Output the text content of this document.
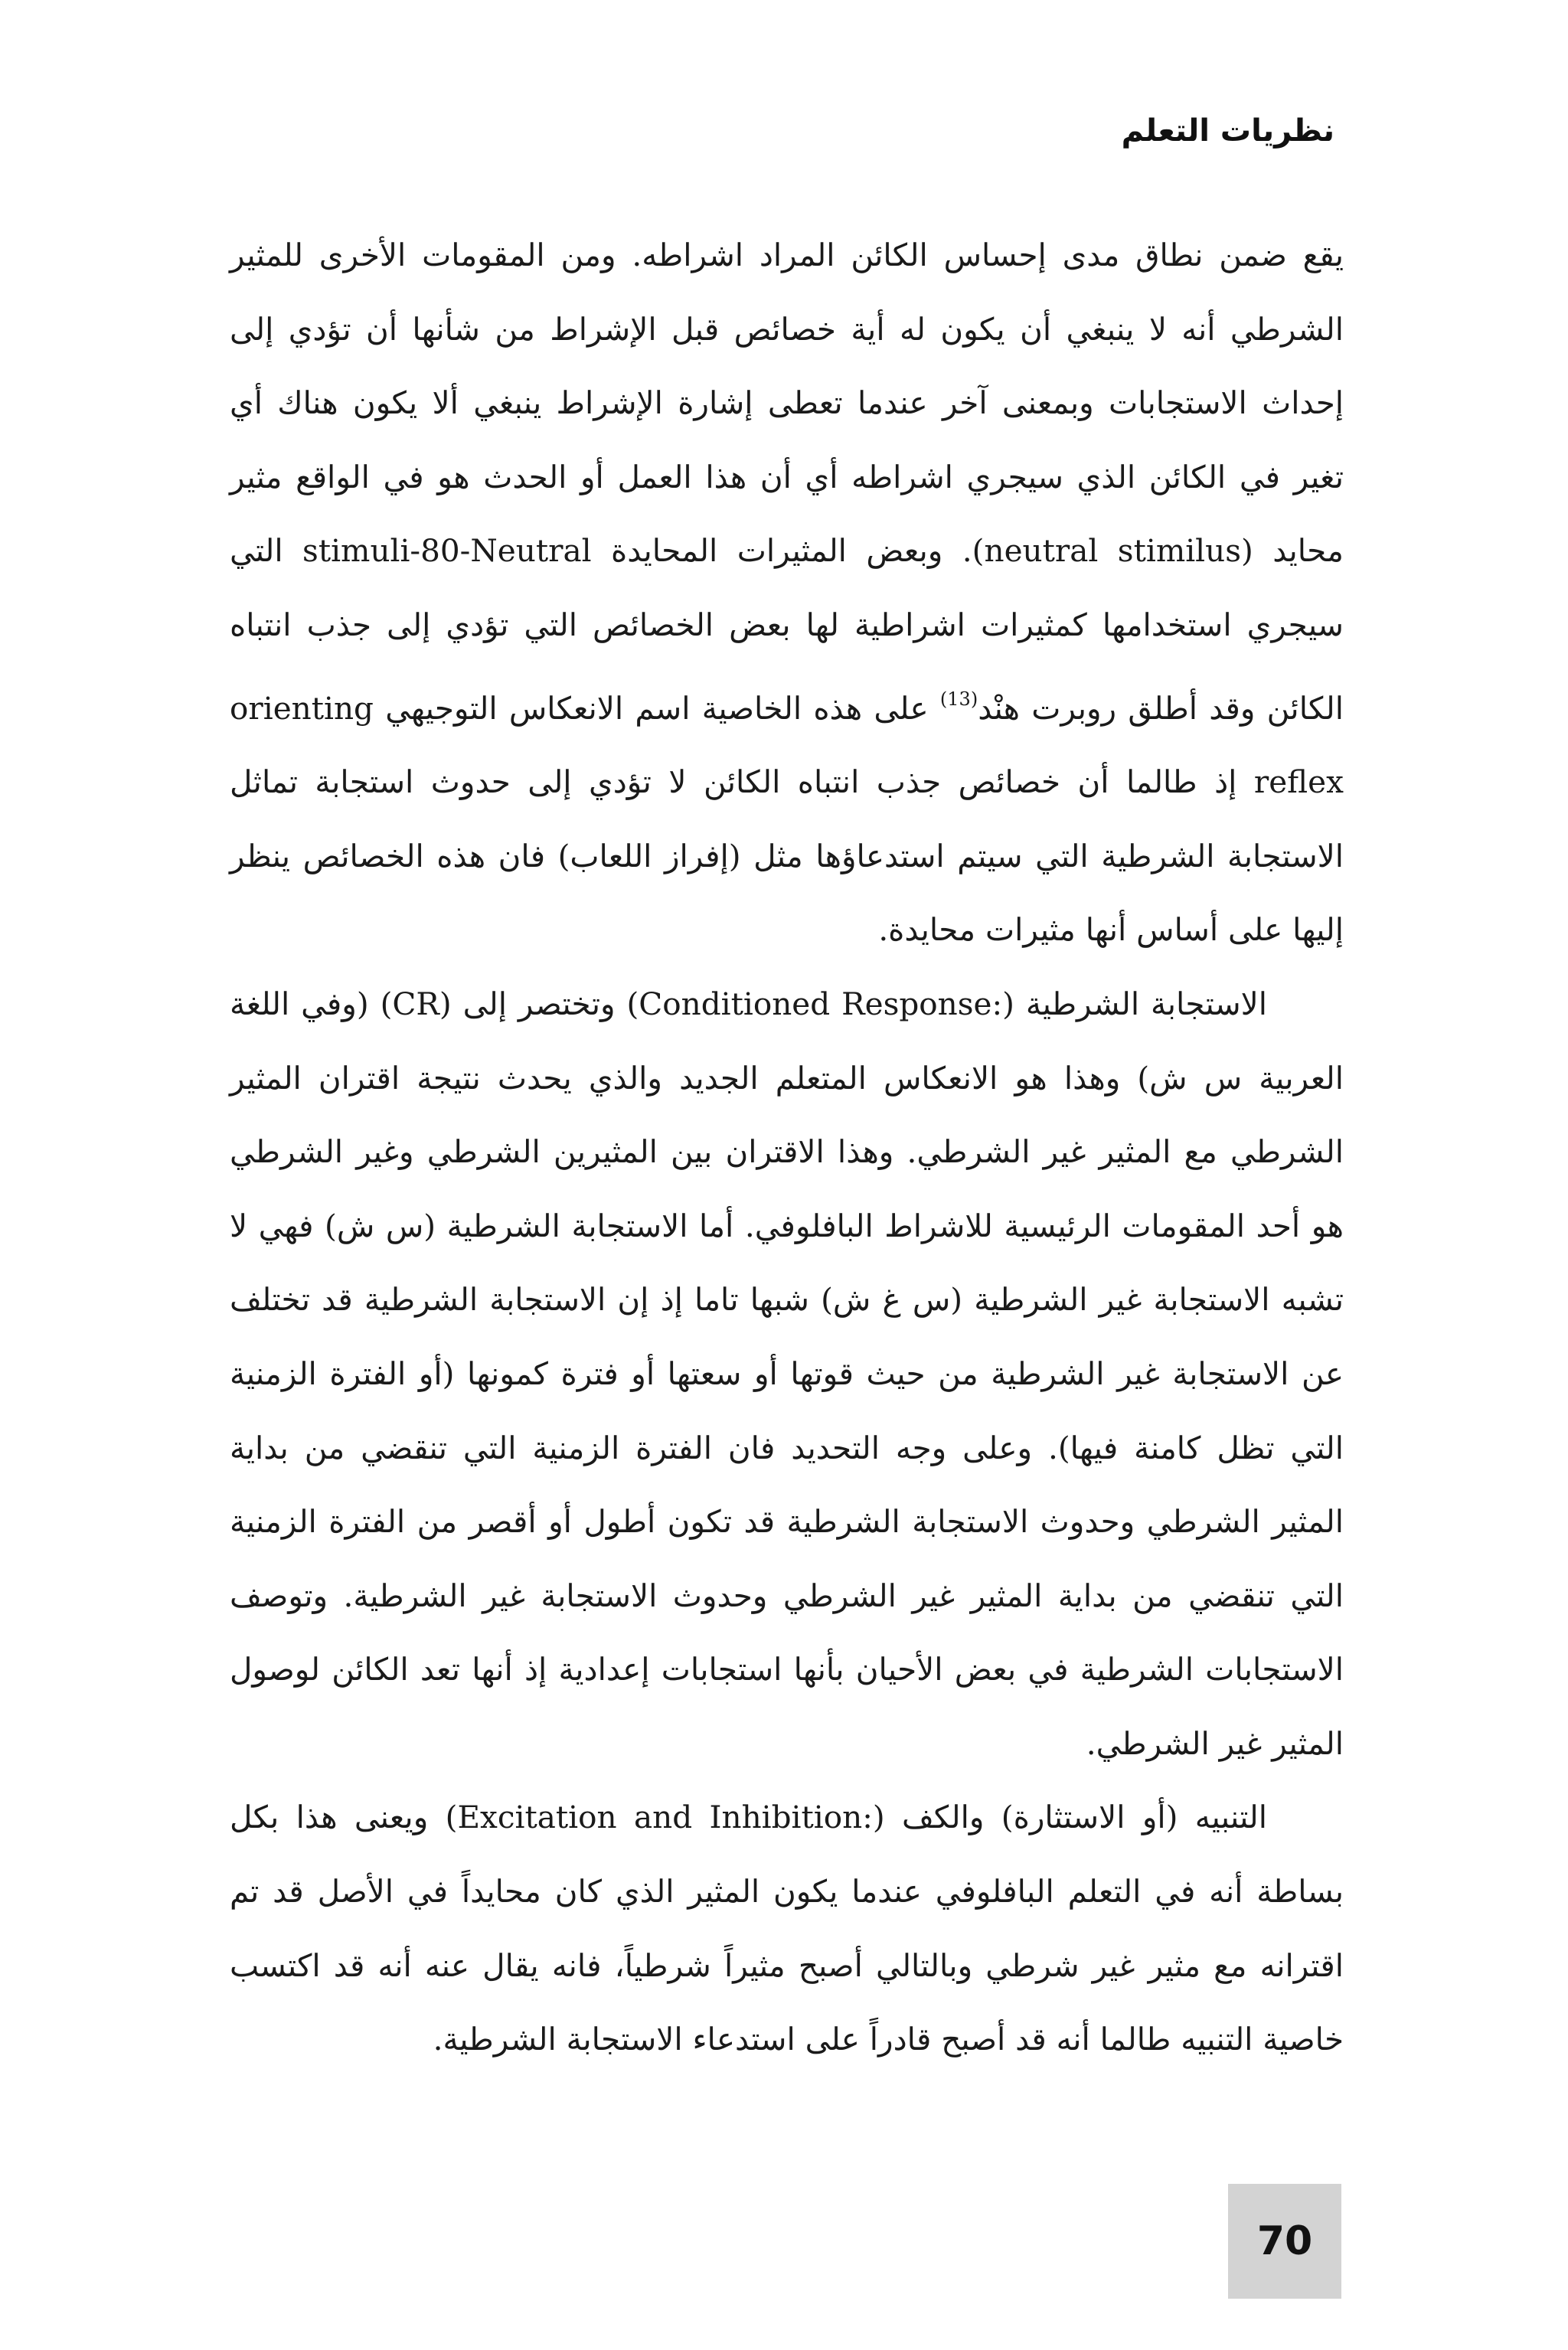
نظريات التعلم

يقع ضمن نطاق مدى إحساس الكائن المراد اشراطه. ومن المقومات الأخرى للمثير الشرطي أنه لا ينبغي أن يكون له أية خصائص قبل الإشراط من شأنها أن تؤدي إلى إحداث الاستجابات وبمعنى آخر عندما تعطى إشارة الإشراط ينبغي ألا يكون هناك أي تغير في الكائن الذي سيجري اشراطه أي أن هذا العمل أو الحدث هو في الواقع مثير محايد (neutral stimilus). وبعض المثيرات المحايدة stimuli-80-Neutral التي سيجري استخدامها كمثيرات اشراطية لها بعض الخصائص التي تؤدي إلى جذب انتباه الكائن وقد أطلق روبرت هنْد$^{(13)}$ على هذه الخاصية اسم الانعكاس التوجيهي orienting reflex إذ طالما أن خصائص جذب انتباه الكائن لا تؤدي إلى حدوث استجابة تماثل الاستجابة الشرطية التي سيتم استدعاؤها مثل (إفراز اللعاب) فان هذه الخصائص ينظر إليها على أساس أنها مثيرات محايدة.

الاستجابة الشرطية (:Conditioned Response) وتختصر إلى (CR) (وفي اللغة العربية س ش) وهذا هو الانعكاس المتعلم الجديد والذي يحدث نتيجة اقتران المثير الشرطي مع المثير غير الشرطي. وهذا الاقتران بين المثيرين الشرطي وغير الشرطي هو أحد المقومات الرئيسية للاشراط البافلوفي. أما الاستجابة الشرطية (س ش) فهي لا تشبه الاستجابة غير الشرطية (س غ ش) شبها تاما إذ إن الاستجابة الشرطية قد تختلف عن الاستجابة غير الشرطية من حيث قوتها أو سعتها أو فترة كمونها (أو الفترة الزمنية التي تظل كامنة فيها). وعلى وجه التحديد فان الفترة الزمنية التي تنقضي من بداية المثير الشرطي وحدوث الاستجابة الشرطية قد تكون أطول أو أقصر من الفترة الزمنية التي تنقضي من بداية المثير غير الشرطي وحدوث الاستجابة غير الشرطية. وتوصف الاستجابات الشرطية في بعض الأحيان بأنها استجابات إعدادية إذ أنها تعد الكائن لوصول المثير غير الشرطي.

التنبيه (أو الاستثارة) والكف (:Excitation and Inhibition) ويعنى هذا بكل بساطة أنه في التعلم البافلوفي عندما يكون المثير الذي كان محايداً في الأصل قد تم اقترانه مع مثير غير شرطي وبالتالي أصبح مثيراً شرطياً، فانه يقال عنه أنه قد اكتسب خاصية التنبيه طالما أنه قد أصبح قادراً على استدعاء الاستجابة الشرطية.

70
